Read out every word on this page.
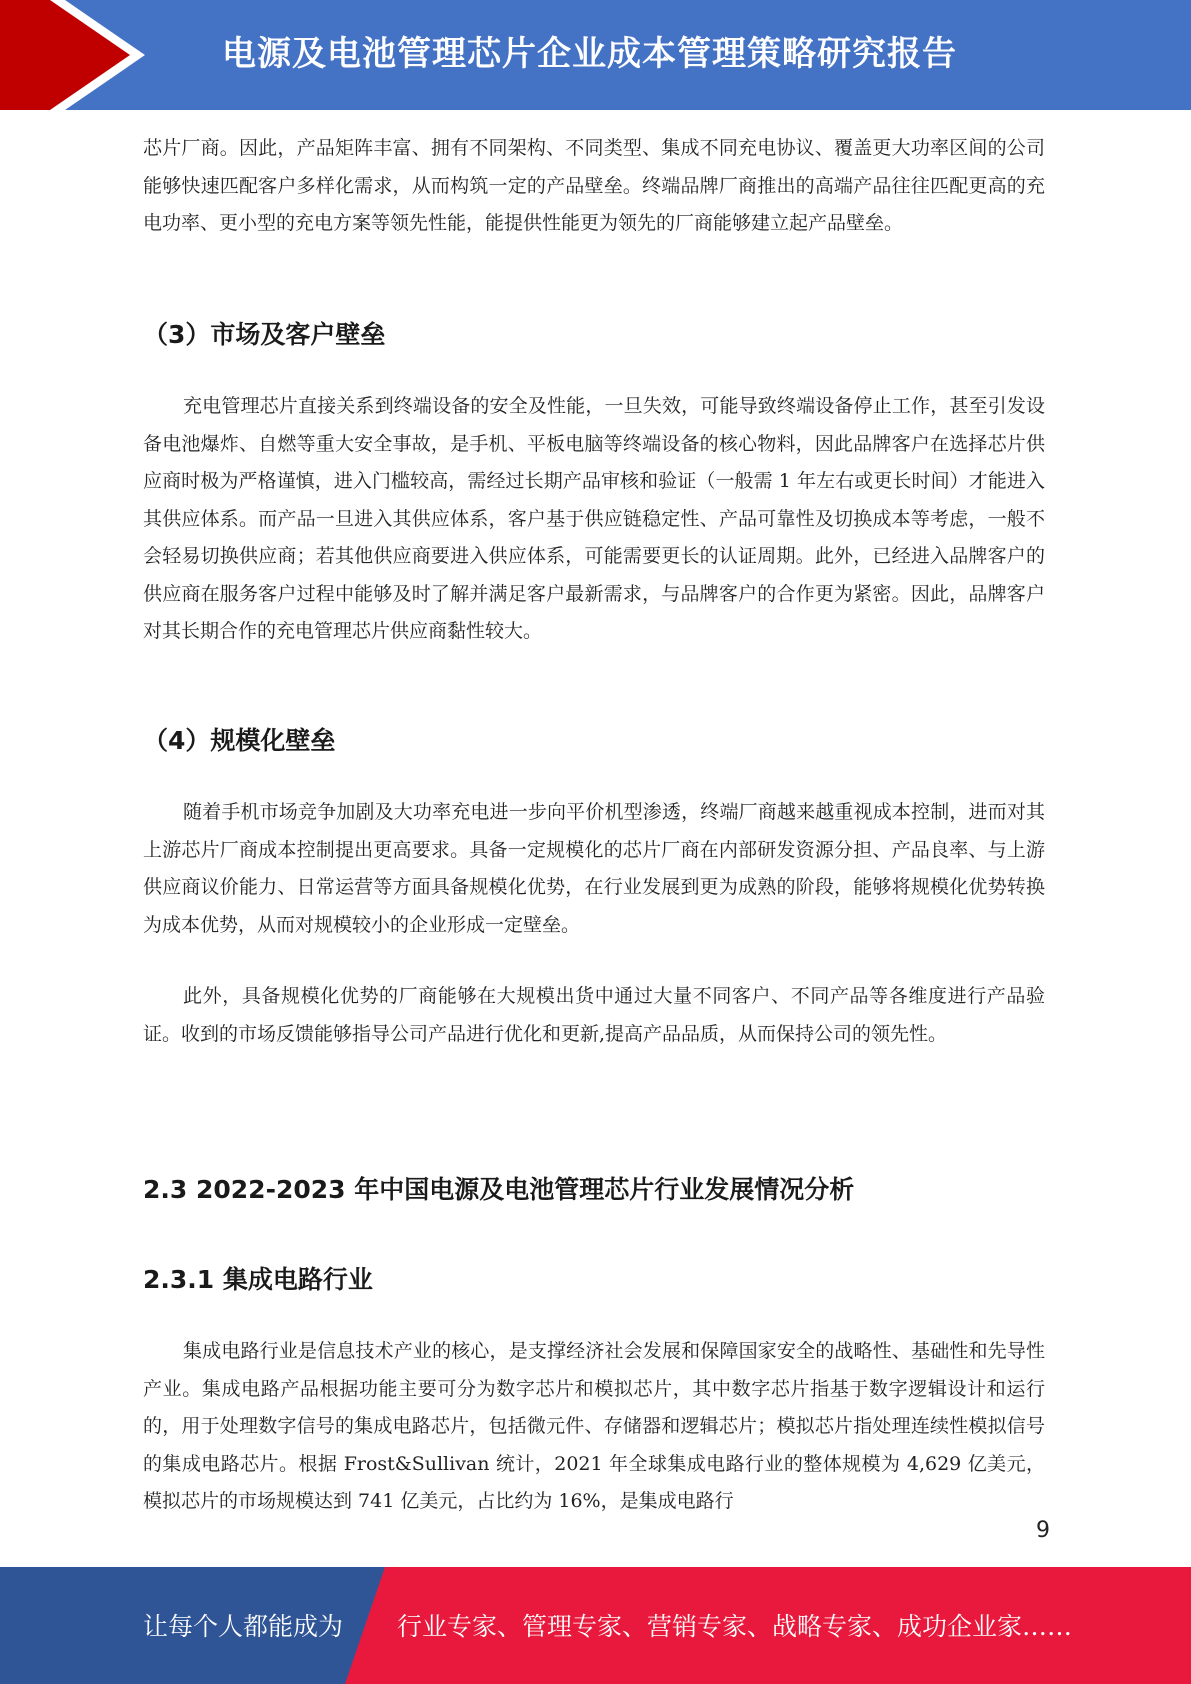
电源及电池管理芯片企业成本管理策略研究报告

芯片厂商。因此，产品矩阵丰富、拥有不同架构、不同类型、集成不同充电协议、覆盖更大功率区间的公司能够快速匹配客户多样化需求，从而构筑一定的产品壁垒。终端品牌厂商推出的高端产品往往匹配更高的充电功率、更小型的充电方案等领先性能，能提供性能更为领先的厂商能够建立起产品壁垒。

（3）市场及客户壁垒

充电管理芯片直接关系到终端设备的安全及性能，一旦失效，可能导致终端设备停止工作，甚至引发设备电池爆炸、自燃等重大安全事故，是手机、平板电脑等终端设备的核心物料，因此品牌客户在选择芯片供应商时极为严格谨慎，进入门槛较高，需经过长期产品审核和验证（一般需 1 年左右或更长时间）才能进入其供应体系。而产品一旦进入其供应体系，客户基于供应链稳定性、产品可靠性及切换成本等考虑，一般不会轻易切换供应商；若其他供应商要进入供应体系，可能需要更长的认证周期。此外，已经进入品牌客户的供应商在服务客户过程中能够及时了解并满足客户最新需求，与品牌客户的合作更为紧密。因此，品牌客户对其长期合作的充电管理芯片供应商黏性较大。

（4）规模化壁垒

随着手机市场竞争加剧及大功率充电进一步向平价机型渗透，终端厂商越来越重视成本控制，进而对其上游芯片厂商成本控制提出更高要求。具备一定规模化的芯片厂商在内部研发资源分担、产品良率、与上游供应商议价能力、日常运营等方面具备规模化优势，在行业发展到更为成熟的阶段，能够将规模化优势转换为成本优势，从而对规模较小的企业形成一定壁垒。

此外，具备规模化优势的厂商能够在大规模出货中通过大量不同客户、不同产品等各维度进行产品验证。收到的市场反馈能够指导公司产品进行优化和更新,提高产品品质，从而保持公司的领先性。

2.3 2022-2023 年中国电源及电池管理芯片行业发展情况分析
2.3.1 集成电路行业

集成电路行业是信息技术产业的核心，是支撑经济社会发展和保障国家安全的战略性、基础性和先导性产业。集成电路产品根据功能主要可分为数字芯片和模拟芯片，其中数字芯片指基于数字逻辑设计和运行的，用于处理数字信号的集成电路芯片，包括微元件、存储器和逻辑芯片；模拟芯片指处理连续性模拟信号的集成电路芯片。根据 Frost&Sullivan 统计，2021 年全球集成电路行业的整体规模为 4,629 亿美元，模拟芯片的市场规模达到 741 亿美元，占比约为 16%，是集成电路行

9
让每个人都能成为 行业专家、管理专家、营销专家、战略专家、成功企业家……
